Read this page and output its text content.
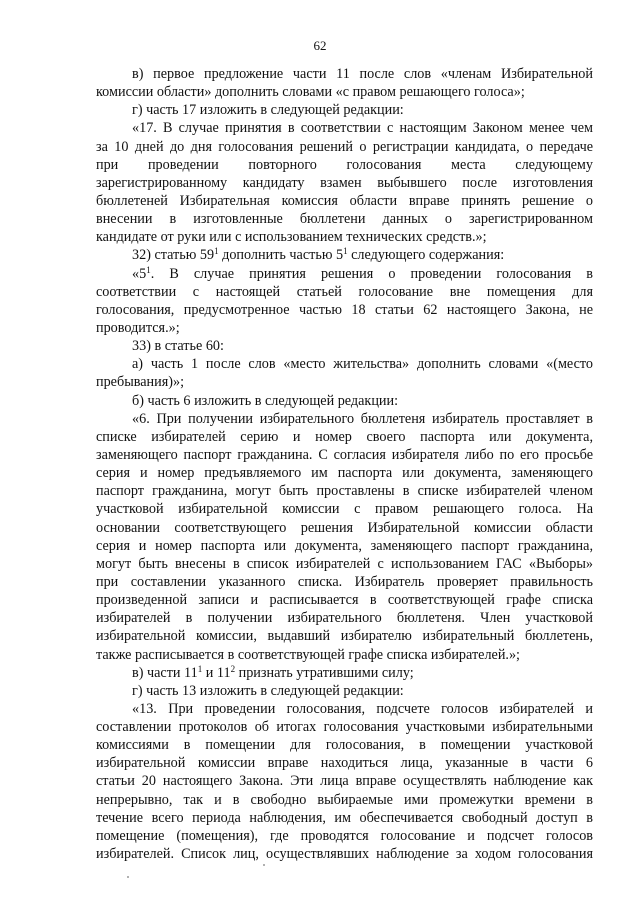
62
в) первое предложение части 11 после слов «членам Избирательной
комиссии области» дополнить словами «с правом решающего голоса»;
г) часть 17 изложить в следующей редакции:
«17. В случае принятия в соответствии с настоящим Законом менее чем
за 10 дней до дня голосования решений о регистрации кандидата, о передаче
при проведении повторного голосования места следующему
зарегистрированному кандидату взамен выбывшего после изготовления
бюллетеней Избирательная комиссия области вправе принять решение о
внесении в изготовленные бюллетени данных о зарегистрированном
кандидате от руки или с использованием технических средств.»;
32) статью $59^1$ дополнить частью $5^1$ следующего содержания:
«$5^1$. В случае принятия решения о проведении голосования в
соответствии с настоящей статьей голосование вне помещения для
голосования, предусмотренное частью 18 статьи 62 настоящего Закона, не
проводится.»;
33) в статье 60:
а) часть 1 после слов «место жительства» дополнить словами «(место
пребывания)»;
б) часть 6 изложить в следующей редакции:
«6. При получении избирательного бюллетеня избиратель проставляет в
списке избирателей серию и номер своего паспорта или документа,
заменяющего паспорт гражданина. С согласия избирателя либо по его просьбе
серия и номер предъявляемого им паспорта или документа, заменяющего
паспорт гражданина, могут быть проставлены в списке избирателей членом
участковой избирательной комиссии с правом решающего голоса. На
основании соответствующего решения Избирательной комиссии области
серия и номер паспорта или документа, заменяющего паспорт гражданина,
могут быть внесены в список избирателей с использованием ГАС «Выборы»
при составлении указанного списка. Избиратель проверяет правильность
произведенной записи и расписывается в соответствующей графе списка
избирателей в получении избирательного бюллетеня. Член участковой
избирательной комиссии, выдавший избирателю избирательный бюллетень,
также расписывается в соответствующей графе списка избирателей.»;
в) части $11^1$ и $11^2$ признать утратившими силу;
г) часть 13 изложить в следующей редакции:
«13. При проведении голосования, подсчете голосов избирателей и
составлении протоколов об итогах голосования участковыми избирательными
комиссиями в помещении для голосования, в помещении участковой
избирательной комиссии вправе находиться лица, указанные в части 6
статьи 20 настоящего Закона. Эти лица вправе осуществлять наблюдение как
непрерывно, так и в свободно выбираемые ими промежутки времени в
течение всего периода наблюдения, им обеспечивается свободный доступ в
помещение (помещения), где проводятся голосование и подсчет голосов
избирателей. Список лиц, осуществлявших наблюдение за ходом голосования
